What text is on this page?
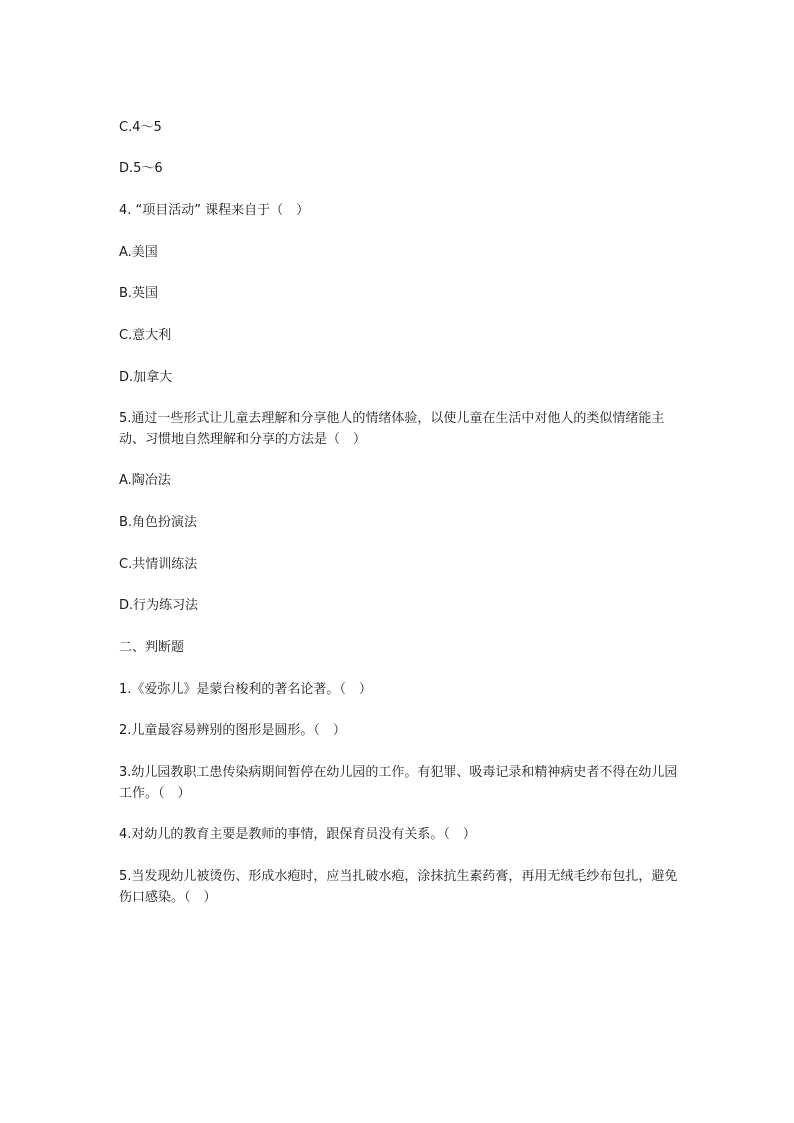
C.4～5
D.5～6
4. “项目活动” 课程来自于（　）
A.美国
B.英国
C.意大利
D.加拿大
5.通过一些形式让儿童去理解和分享他人的情绪体验，以使儿童在生活中对他人的类似情绪能主动、习惯地自然理解和分享的方法是（　）
A.陶冶法
B.角色扮演法
C.共情训练法
D.行为练习法
二、判断题
1.《爱弥儿》是蒙台梭利的著名论著。（　）
2.儿童最容易辨别的图形是圆形。（　）
3.幼儿园教职工患传染病期间暂停在幼儿园的工作。有犯罪、吸毒记录和精神病史者不得在幼儿园工作。（　）
4.对幼儿的教育主要是教师的事情，跟保育员没有关系。（　）
5.当发现幼儿被烫伤、形成水疱时，应当扎破水疱，涂抹抗生素药膏，再用无绒毛纱布包扎，避免伤口感染。（　）
